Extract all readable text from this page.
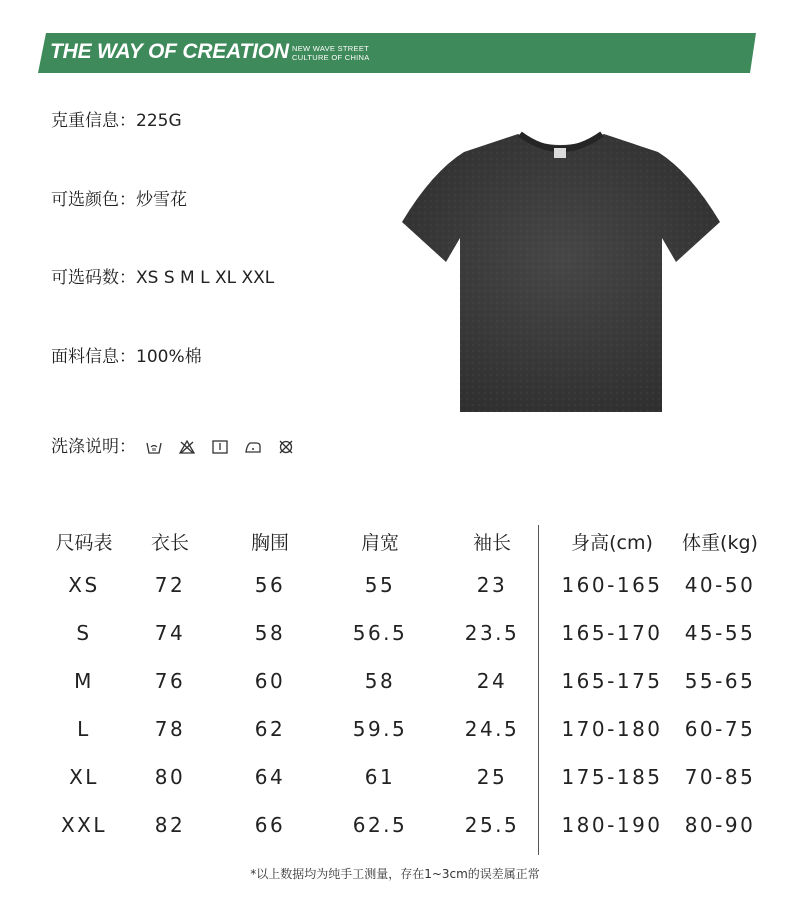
THE WAY OF CREATION NEW WAVE STREET
CULTURE OF CHINA
克重信息：225G
可选颜色：炒雪花
可选码数：XS S M L XL XXL
面料信息：100%棉
洗涤说明：
尺码表 衣长	胸围	肩宽	袖长	身高(cm) 体重(kg)
XS	72	56	55	23	160-165 40-50
S	74	58	56.5	23.5 165-170 45-55
M	76	60	58	24	165-175 55-65
L	78	62	59.5	24.5 170-180 60-75
XL	80	64	61	25	175-185 70-85
XXL 82	66	62.5	25.5 180-190 80-90
*以上数据均为纯手工测量，存在1~3cm的误差属正常
